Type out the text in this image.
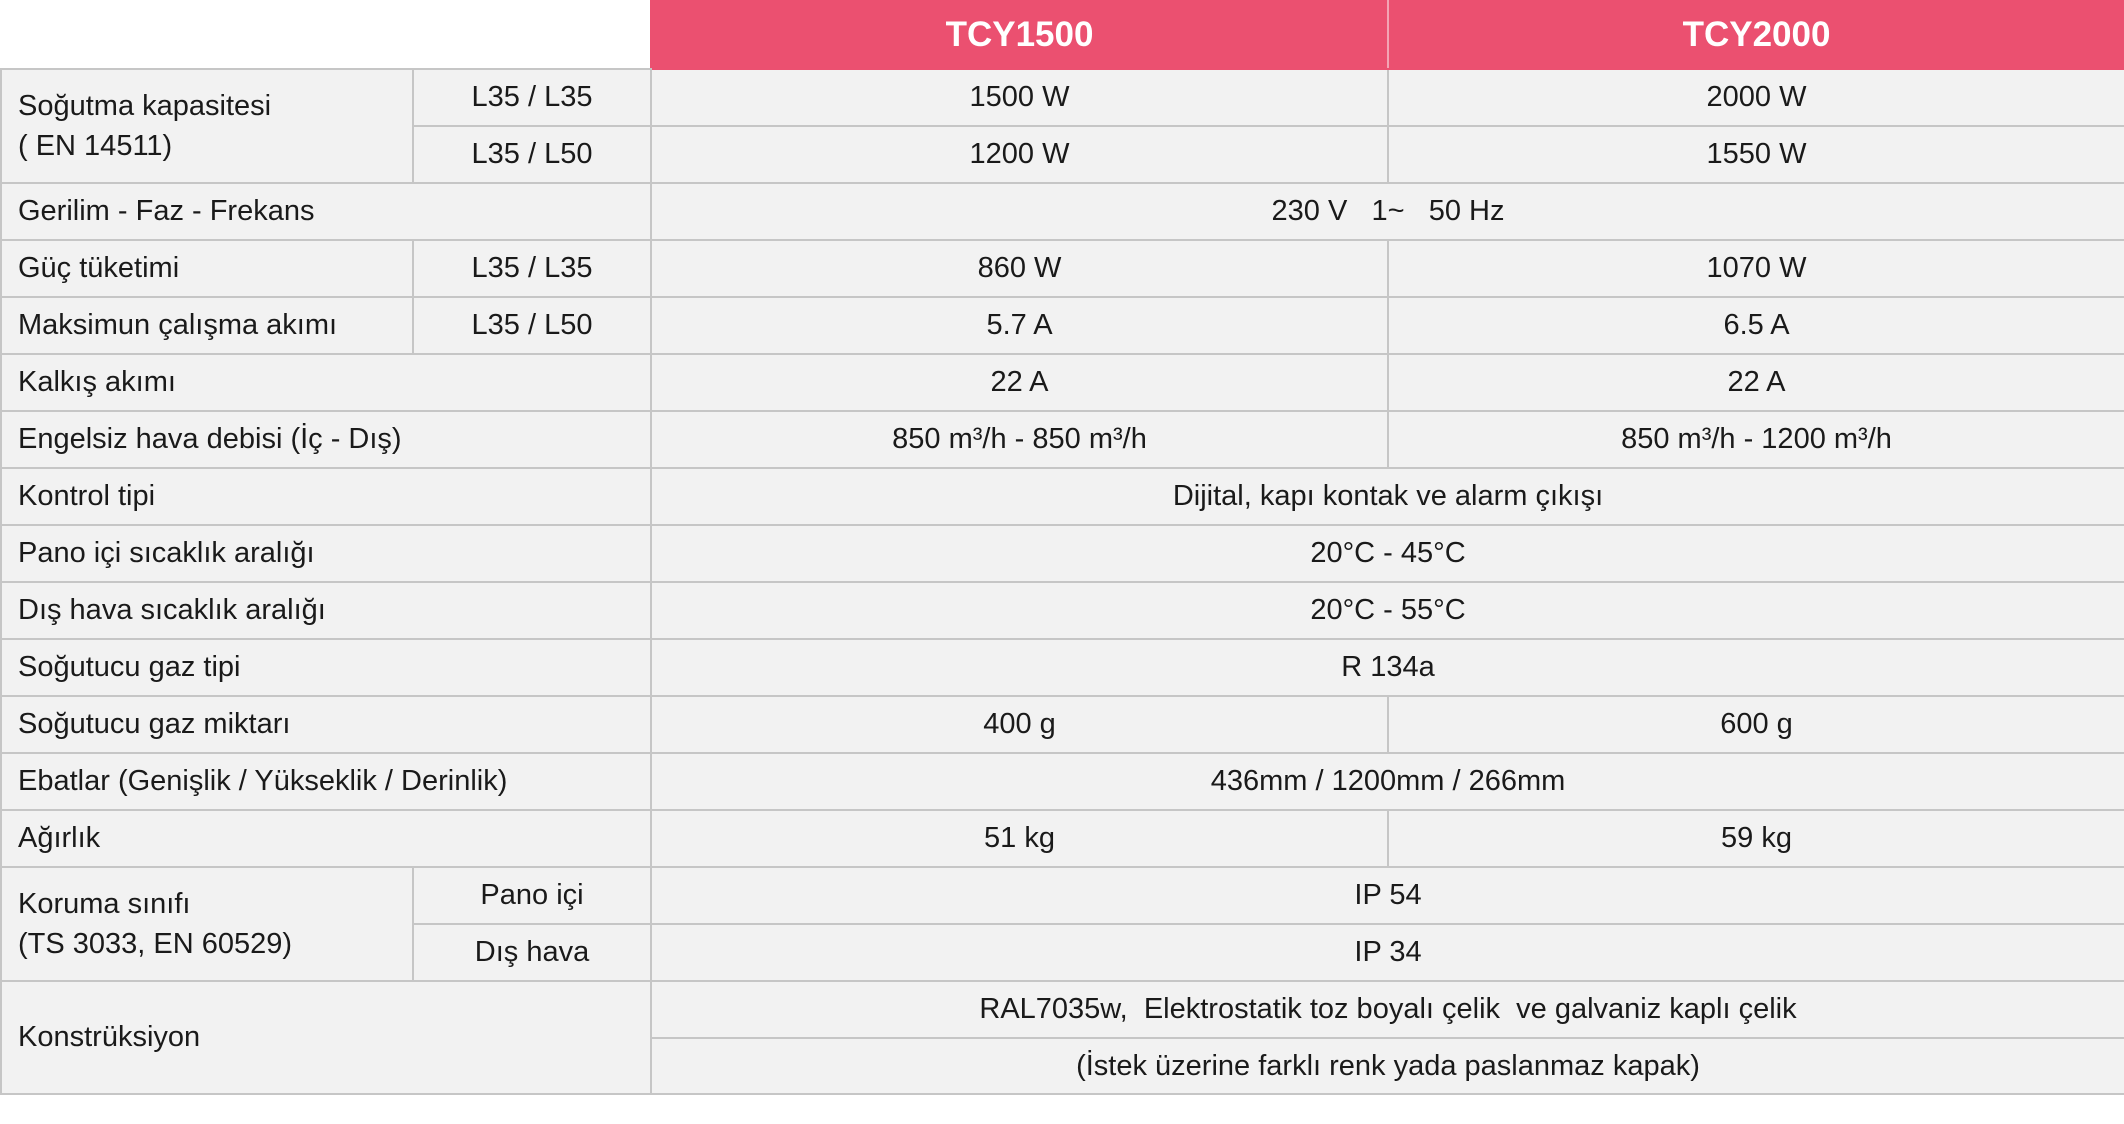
		TCY1500	TCY2000
Soğutma kapasitesi
( EN 14511)	L35 / L35	1500 W	2000 W
	L35 / L50	1200 W	1550 W
Gerilim - Faz - Frekans		230 V   1~   50 Hz	
Güç tüketimi	L35 / L35	860 W	1070 W
Maksimun çalışma akımı	L35 / L50	5.7 A	6.5 A
Kalkış akımı		22 A	22 A
Engelsiz hava debisi (İç - Dış)		850 m³/h - 850 m³/h	850 m³/h - 1200 m³/h
Kontrol tipi		Dijital, kapı kontak ve alarm çıkışı	
Pano içi sıcaklık aralığı		20°C - 45°C	
Dış hava sıcaklık aralığı		20°C - 55°C	
Soğutucu gaz tipi		R 134a	
Soğutucu gaz miktarı		400 g	600 g
Ebatlar (Genişlik / Yükseklik / Derinlik)		436mm / 1200mm / 266mm	
Ağırlık		51 kg	59 kg
Koruma sınıfı
(TS 3033, EN 60529)	Pano içi	IP 54	
	Dış hava	IP 34	
Konstrüksiyon		RAL7035w,  Elektrostatik toz boyalı çelik  ve galvaniz kaplı çelik	
		(İstek üzerine farklı renk yada paslanmaz kapak)	
